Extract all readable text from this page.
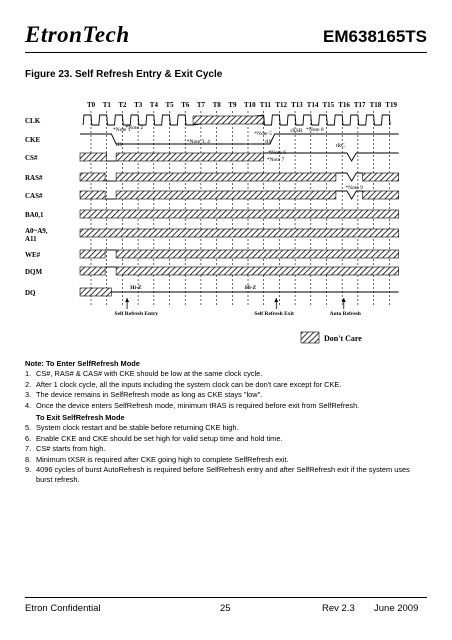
EtronTech	EM638165TS
Figure 23. Self Refresh Entry & Exit Cycle
T0 T1 T2 T3 T4 T5 T6 T7 T8 T9 T10 T11 T12 T13 T14 T15 T16 T17 T18 T19
CLK
CKE
CS#
RAS#
CAS#
BA0,1
A0~A9,
A11
WE#
DQM
DQ
*Note 1
*Note 2
*Note 3, 4
*Note 5
*Note 6
*Note 7
*Note 8
*Note 9
tIS	tIS
tXSR
tRC
Hi-Z	Hi-Z
Self Refresh Entry	Self Refresh Exit	Auto Refresh
Don't Care
Note: To Enter SelfRefresh Mode
1. CS#, RAS# & CAS# with CKE should be low at the same clock cycle.
2. After 1 clock cycle, all the inputs including the system clock can be don't care except for CKE.
3. The device remains in SelfRefresh mode as long as CKE stays "low".
4. Once the device enters SelfRefresh mode, minimum tRAS is required before exit from SelfRefresh.
To Exit SelfRefresh Mode
5. System clock restart and be stable before returning CKE high.
6. Enable CKE and CKE should be set high for valid setup time and hold time.
7. CS# starts from high.
8. Minimum tXSR is required after CKE going high to complete SelfRefresh exit.
9. 4096 cycles of burst AutoRefresh is required before SelfRefresh entry and after SelfRefresh exit if the system uses burst refresh.
Etron Confidential	25	Rev 2.3 June 2009
